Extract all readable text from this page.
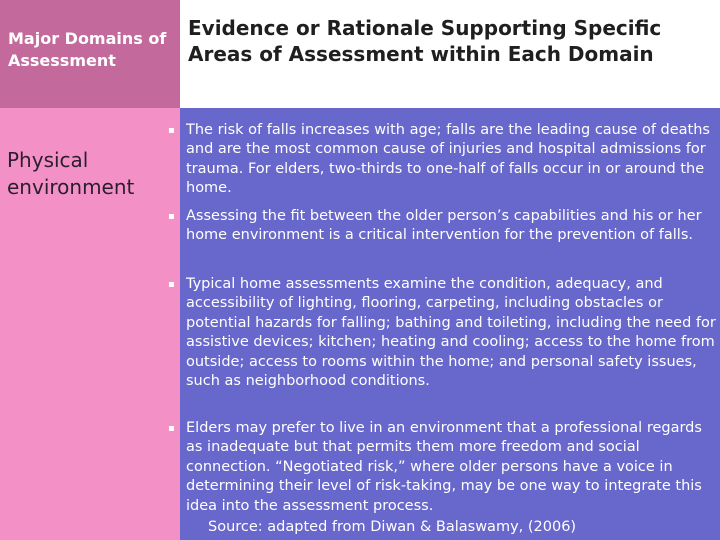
Major Domains of Assessment
Physical environment
Evidence or Rationale Supporting Specific Areas of Assessment within Each Domain
▪ The risk of falls increases with age; falls are the leading cause of deaths and are the most common cause of injuries and hospital admissions for trauma. For elders, two-thirds to one-half of falls occur in or around the home.
▪ Assessing the fit between the older person’s capabilities and his or her home environment is a critical intervention for the prevention of falls.
▪ Typical home assessments examine the condition, adequacy, and accessibility of lighting, flooring, carpeting, including obstacles or potential hazards for falling; bathing and toileting, including the need for assistive devices; kitchen; heating and cooling; access to the home from outside; access to rooms within the home; and personal safety issues, such as neighborhood conditions.
▪ Elders may prefer to live in an environment that a professional regards as inadequate but that permits them more freedom and social connection. “Negotiated risk,” where older persons have a voice in determining their level of risk-taking, may be one way to integrate this idea into the assessment process.
Source: adapted from Diwan & Balaswamy, (2006)
